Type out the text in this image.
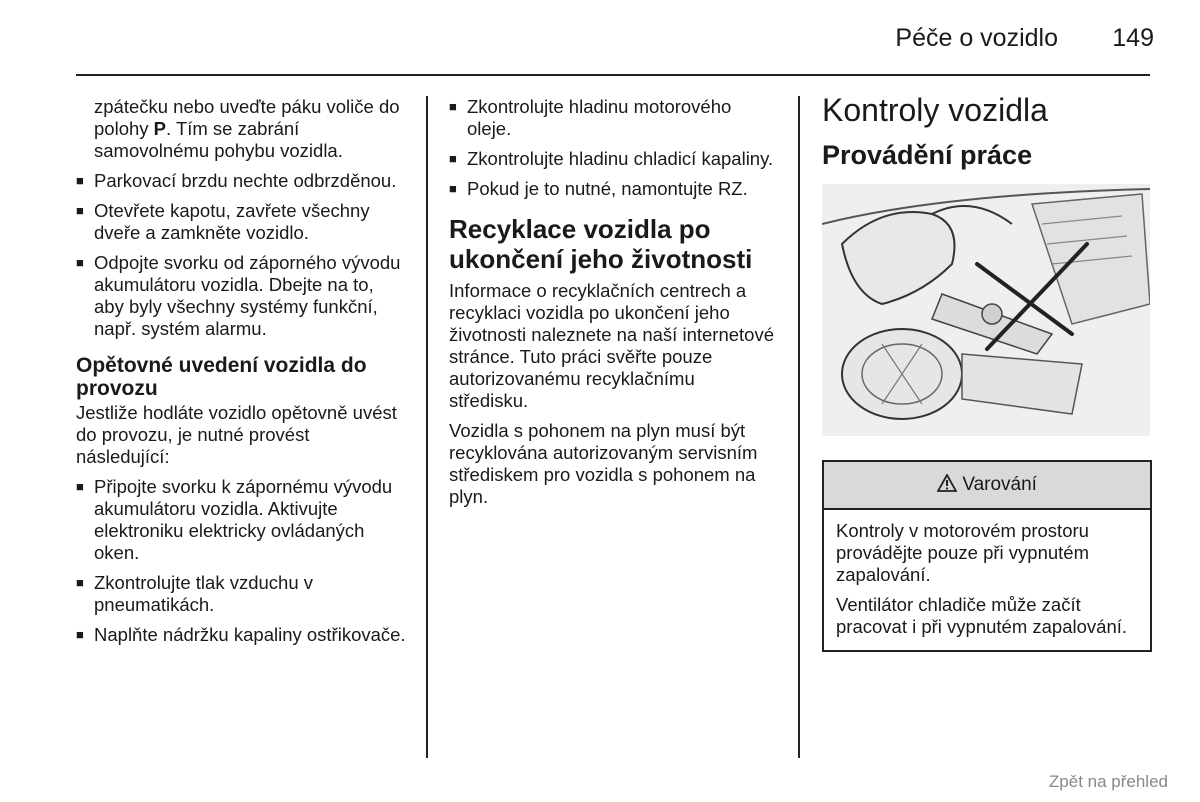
Péče o vozidlo 149

zpátečku nebo uveďte páku voliče do polohy P. Tím se zabrání samovolnému pohybu vozidla.

■ Parkovací brzdu nechte odbrzděnou.

■ Otevřete kapotu, zavřete všechny dveře a zamkněte vozidlo.

■ Odpojte svorku od záporného vývodu akumulátoru vozidla. Dbejte na to, aby byly všechny systémy funkční, např. systém alarmu.

Opětovné uvedení vozidla do provozu

Jestliže hodláte vozidlo opětovně uvést do provozu, je nutné provést následující:

■ Připojte svorku k zápornému vývodu akumulátoru vozidla. Aktivujte elektroniku elektricky ovládaných oken.

■ Zkontrolujte tlak vzduchu v pneumatikách.

■ Naplňte nádržku kapaliny ostřikovače.

■ Zkontrolujte hladinu motorového oleje.

■ Zkontrolujte hladinu chladicí kapaliny.

■ Pokud je to nutné, namontujte RZ.

Recyklace vozidla po ukončení jeho životnosti

Informace o recyklačních centrech a recyklaci vozidla po ukončení jeho životnosti naleznete na naší internetové stránce. Tuto práci svěřte pouze autorizovanému recyklačnímu středisku.

Vozidla s pohonem na plyn musí být recyklována autorizovaným servisním střediskem pro vozidla s pohonem na plyn.

Kontroly vozidla
Provádění práce
Varování

Kontroly v motorovém prostoru provádějte pouze při vypnutém zapalování.

Ventilátor chladiče může začít pracovat i při vypnutém zapalování.

Zpět na přehled
